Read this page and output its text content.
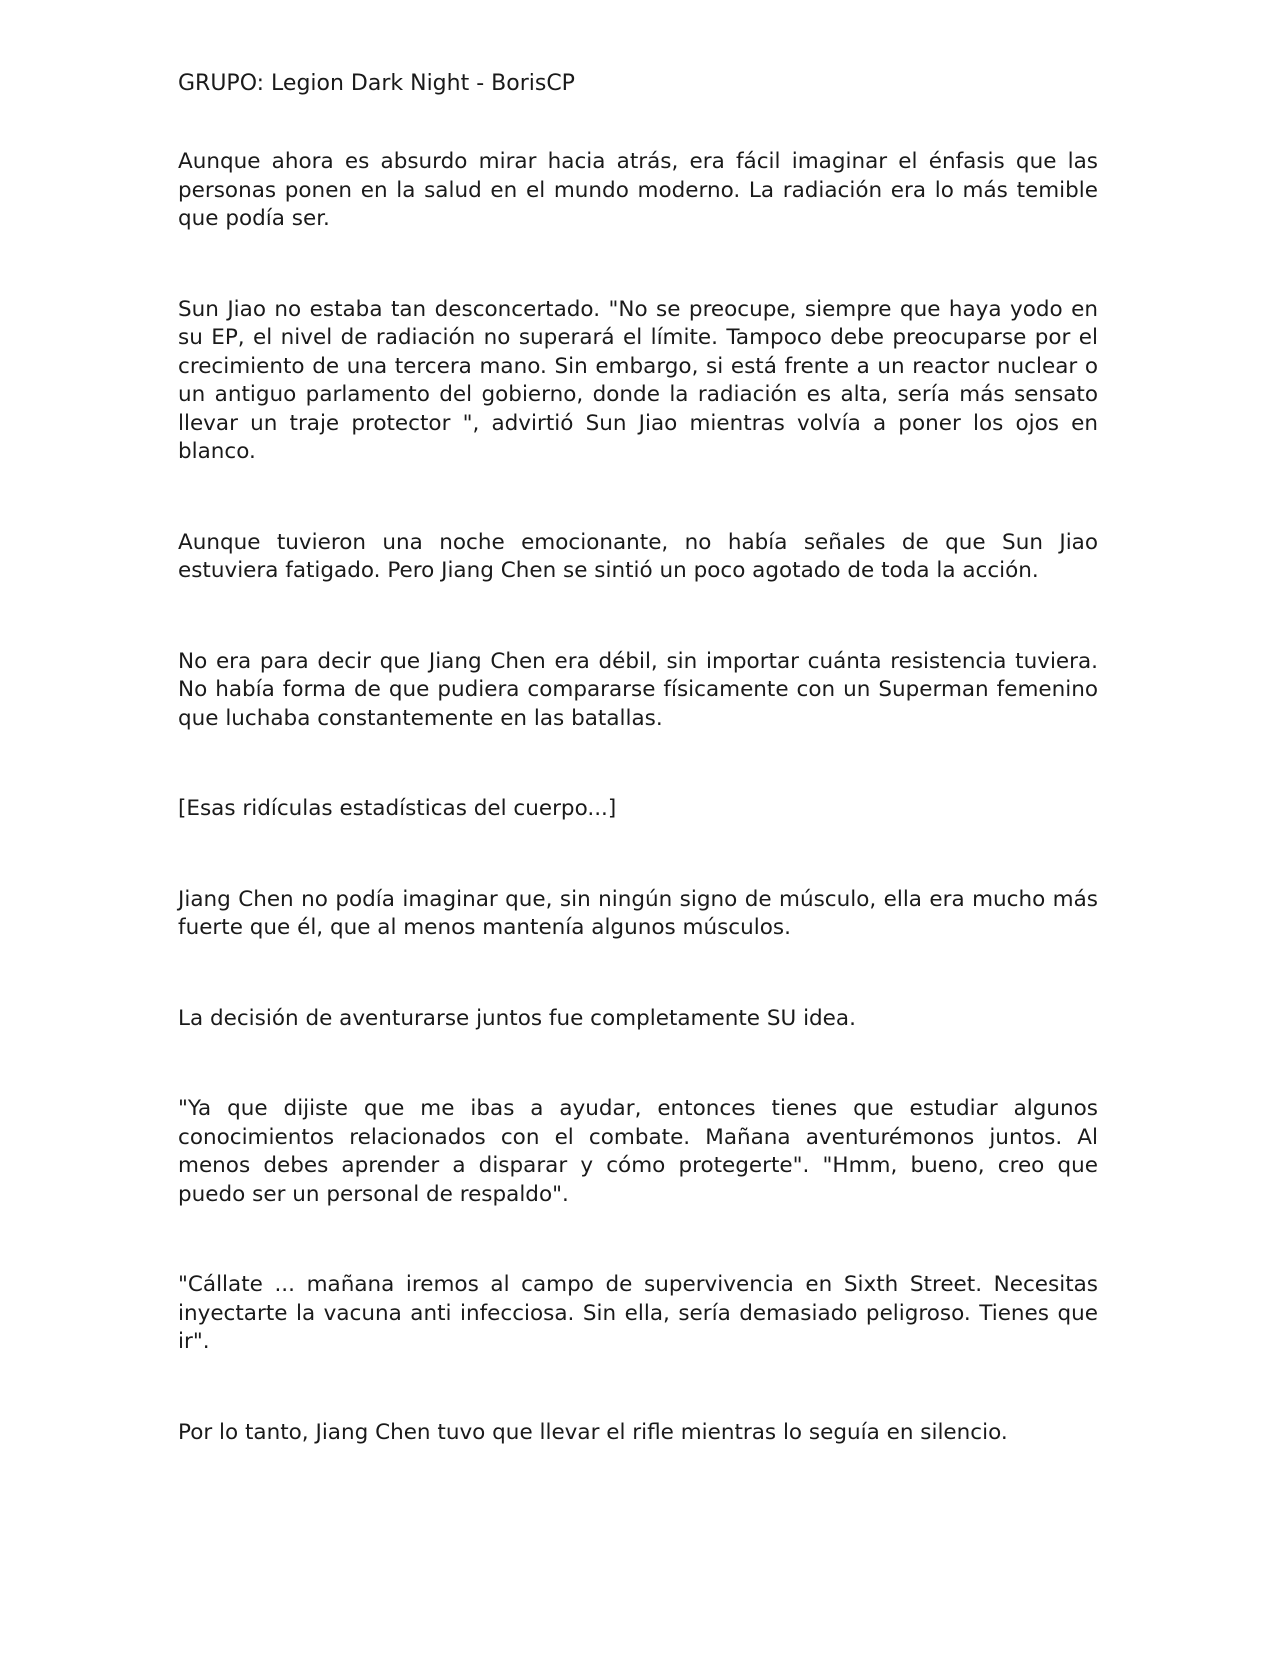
GRUPO: Legion Dark Night - BorisCP

Aunque ahora es absurdo mirar hacia atrás, era fácil imaginar el énfasis que las personas ponen en la salud en el mundo moderno. La radiación era lo más temible que podía ser.

Sun Jiao no estaba tan desconcertado. "No se preocupe, siempre que haya yodo en su EP, el nivel de radiación no superará el límite. Tampoco debe preocuparse por el crecimiento de una tercera mano. Sin embargo, si está frente a un reactor nuclear o un antiguo parlamento del gobierno, donde la radiación es alta, sería más sensato llevar un traje protector ", advirtió Sun Jiao mientras volvía a poner los ojos en blanco.

Aunque tuvieron una noche emocionante, no había señales de que Sun Jiao estuviera fatigado. Pero Jiang Chen se sintió un poco agotado de toda la acción.

No era para decir que Jiang Chen era débil, sin importar cuánta resistencia tuviera. No había forma de que pudiera compararse físicamente con un Superman femenino que luchaba constantemente en las batallas.

[Esas ridículas estadísticas del cuerpo...]

Jiang Chen no podía imaginar que, sin ningún signo de músculo, ella era mucho más fuerte que él, que al menos mantenía algunos músculos.

La decisión de aventurarse juntos fue completamente SU idea.

"Ya que dijiste que me ibas a ayudar, entonces tienes que estudiar algunos conocimientos relacionados con el combate. Mañana aventurémonos juntos. Al menos debes aprender a disparar y cómo protegerte". "Hmm, bueno, creo que puedo ser un personal de respaldo".

"Cállate ... mañana iremos al campo de supervivencia en Sixth Street. Necesitas inyectarte la vacuna anti infecciosa. Sin ella, sería demasiado peligroso. Tienes que ir".

Por lo tanto, Jiang Chen tuvo que llevar el rifle mientras lo seguía en silencio.
